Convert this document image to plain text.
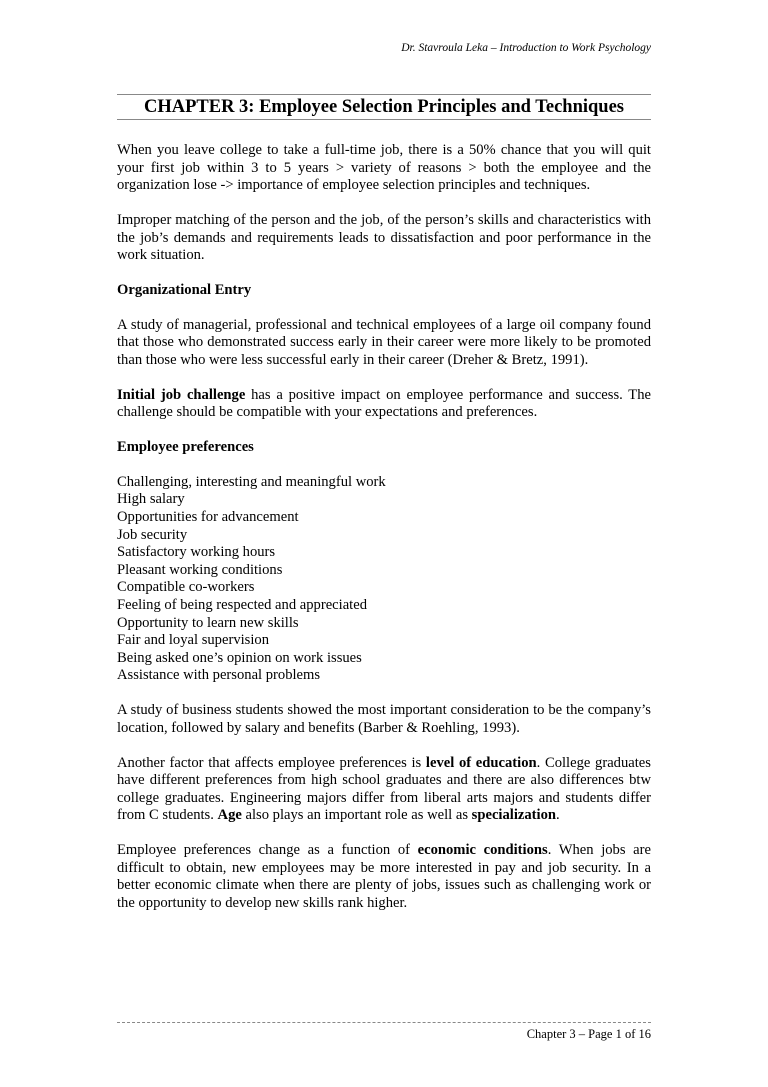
Dr. Stavroula Leka – Introduction to Work Psychology
CHAPTER 3: Employee Selection Principles and Techniques

When you leave college to take a full-time job, there is a 50% chance that you will quit your first job within 3 to 5 years > variety of reasons > both the employee and the organization lose -> importance of employee selection principles and techniques.

Improper matching of the person and the job, of the person’s skills and characteristics with the job’s demands and requirements leads to dissatisfaction and poor performance in the work situation.

Organizational Entry

A study of managerial, professional and technical employees of a large oil company found that those who demonstrated success early in their career were more likely to be promoted than those who were less successful early in their career (Dreher & Bretz, 1991).

Initial job challenge has a positive impact on employee performance and success. The challenge should be compatible with your expectations and preferences.

Employee preferences
Challenging, interesting and meaningful work
High salary
Opportunities for advancement
Job security
Satisfactory working hours
Pleasant working conditions
Compatible co-workers
Feeling of being respected and appreciated
Opportunity to learn new skills
Fair and loyal supervision
Being asked one’s opinion on work issues
Assistance with personal problems

A study of business students showed the most important consideration to be the company’s location, followed by salary and benefits (Barber & Roehling, 1993).

Another factor that affects employee preferences is level of education. College graduates have different preferences from high school graduates and there are also differences btw college graduates. Engineering majors differ from liberal arts majors and students differ from C students. Age also plays an important role as well as specialization.

Employee preferences change as a function of economic conditions. When jobs are difficult to obtain, new employees may be more interested in pay and job security. In a better economic climate when there are plenty of jobs, issues such as challenging work or the opportunity to develop new skills rank higher.

Chapter 3 – Page 1 of 16
